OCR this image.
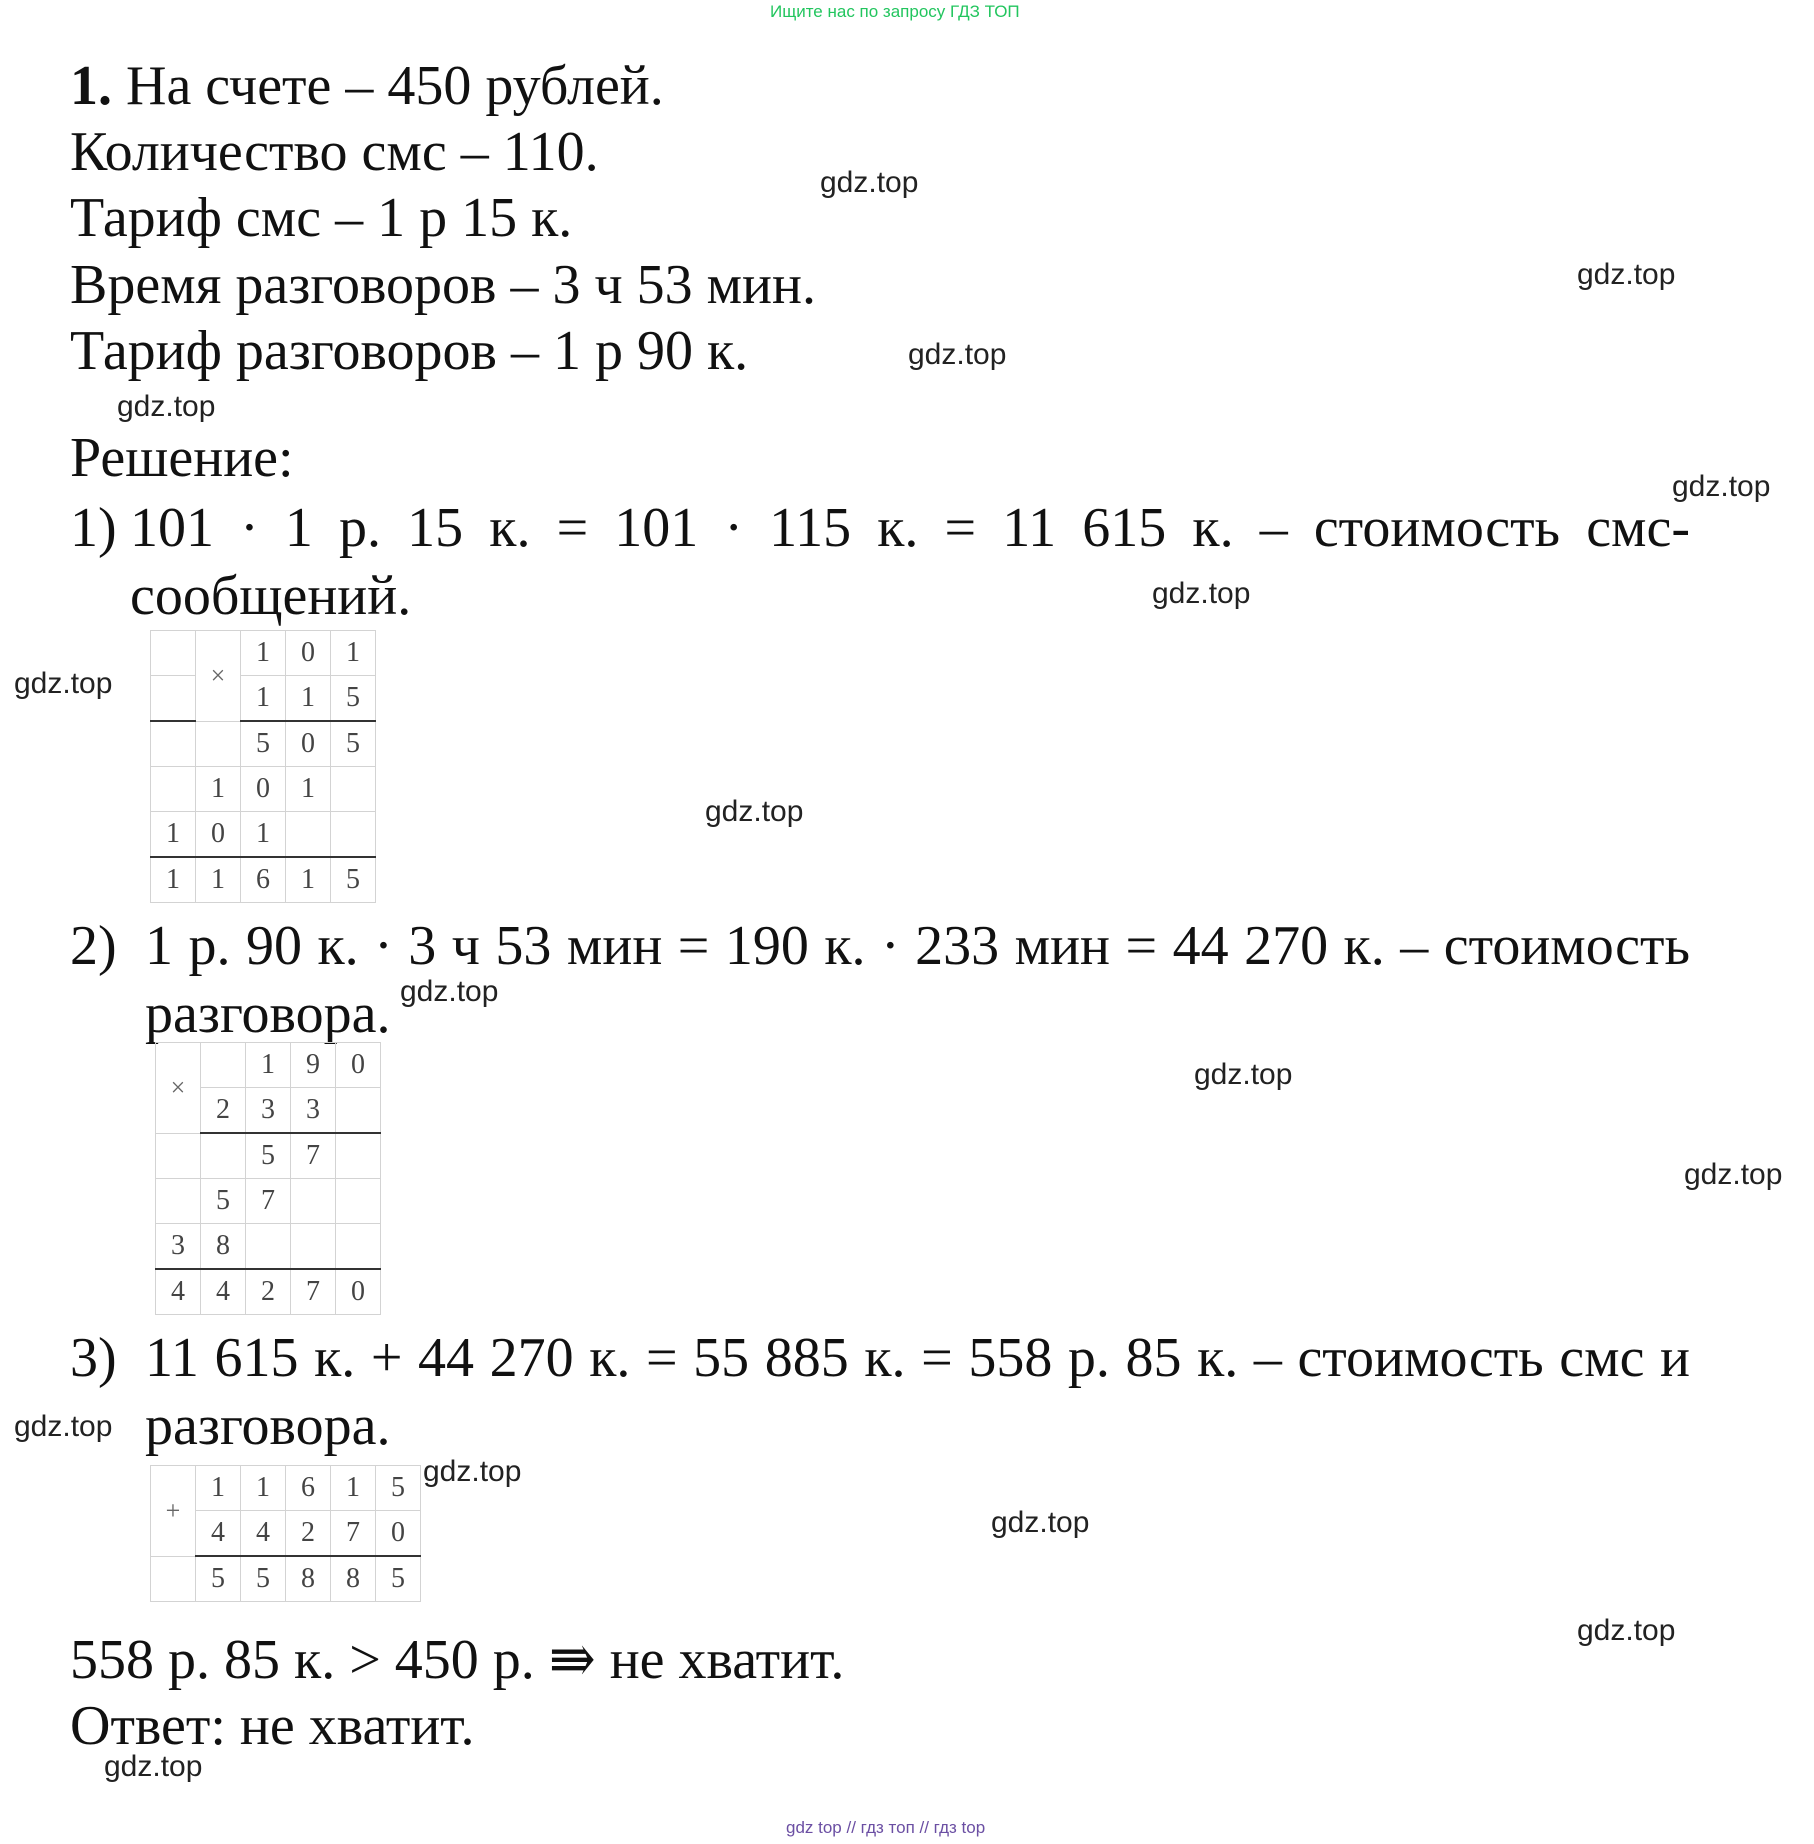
Ищите нас по запросу ГДЗ ТОП
1. На счете – 450 рублей.
Количество смс – 110.
Тариф смс – 1 р 15 к.
Время разговоров – 3 ч 53 мин.
Тариф разговоров – 1 р 90 к.
Решение:
1) 101 · 1 р. 15 к. = 101 · 115 к. = 11 615 к. – стоимость смс-сообщений.
	×	1	0	1
		1	1	5
		5	0	5
	1	0	1	
1	0	1		
1	1	6	1	5
2) 1 р. 90 к. · 3 ч 53 мин = 190 к. · 233 мин = 44 270 к. – стоимость разговора.
×		1	9	0
	2	3	3	
		5	7	
	5	7		
3	8			
4	4	2	7	0
3) 11 615 к. + 44 270 к. = 55 885 к. = 558 р. 85 к. – стоимость смс и разговора.
+	1	1	6	1	5
	4	4	2	7	0
	5	5	8	8	5
558 р. 85 к. > 450 р. ⇛ не хватит.
Ответ: не хватит.
gdz.top
gdz.top
gdz.top
gdz.top
gdz.top
gdz.top
gdz.top
gdz.top
gdz.top
gdz.top
gdz.top
gdz.top
gdz.top
gdz.top
gdz.top
gdz.top
gdz top // гдз топ // гдз top
